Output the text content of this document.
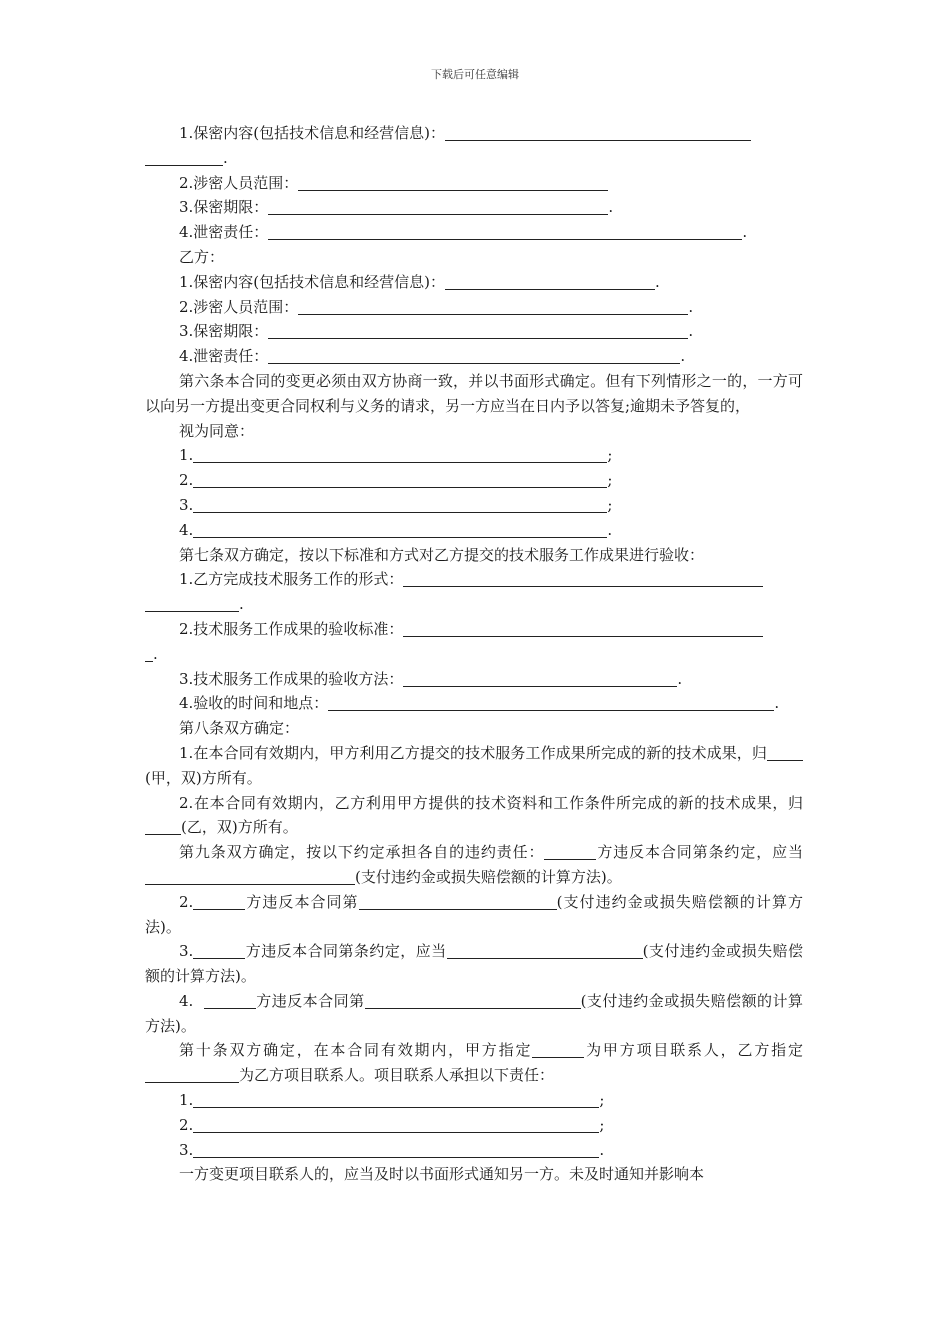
下载后可任意编辑
1.保密内容(包括技术信息和经营信息)：
.
2.涉密人员范围：
3.保密期限：	.
4.泄密责任：	.
乙方：
1.保密内容(包括技术信息和经营信息)：	.
2.涉密人员范围：	.
3.保密期限：	.
4.泄密责任：	.
第六条本合同的变更必须由双方协商一致，并以书面形式确定。但有下列情形之一的，一方可以向另一方提出变更合同权利与义务的请求，另一方应当在日内予以答复;逾期未予答复的，
视为同意：
1.	;
2.	;
3.	;
4.	.
第七条双方确定，按以下标准和方式对乙方提交的技术服务工作成果进行验收：
1.乙方完成技术服务工作的形式：
.
2.技术服务工作成果的验收标准：
.
3.技术服务工作成果的验收方法：	.
4.验收的时间和地点：	.
第八条双方确定：
1.在本合同有效期内，甲方利用乙方提交的技术服务工作成果所完成的新的技术成果，归(甲，双)方所有。
2.在本合同有效期内，乙方利用甲方提供的技术资料和工作条件所完成的新的技术成果，归(乙，双)方所有。
第九条双方确定，按以下约定承担各自的违约责任：	方违反本合同第条约定，应当(支付违约金或损失赔偿额的计算方法)。
2.	方违反本合同第	(支付违约金或损失赔偿额的计算方法)。
3.	方违反本合同第条约定，应当	(支付违约金或损失赔偿额的计算方法)。
4.	方违反本合同第	(支付违约金或损失赔偿额的计算方法)。
第十条双方确定，在本合同有效期内，甲方指定	为甲方项目联系人，乙方指定为乙方项目联系人。项目联系人承担以下责任：
1.	;
2.	;
3.	.
一方变更项目联系人的，应当及时以书面形式通知另一方。未及时通知并影响本
